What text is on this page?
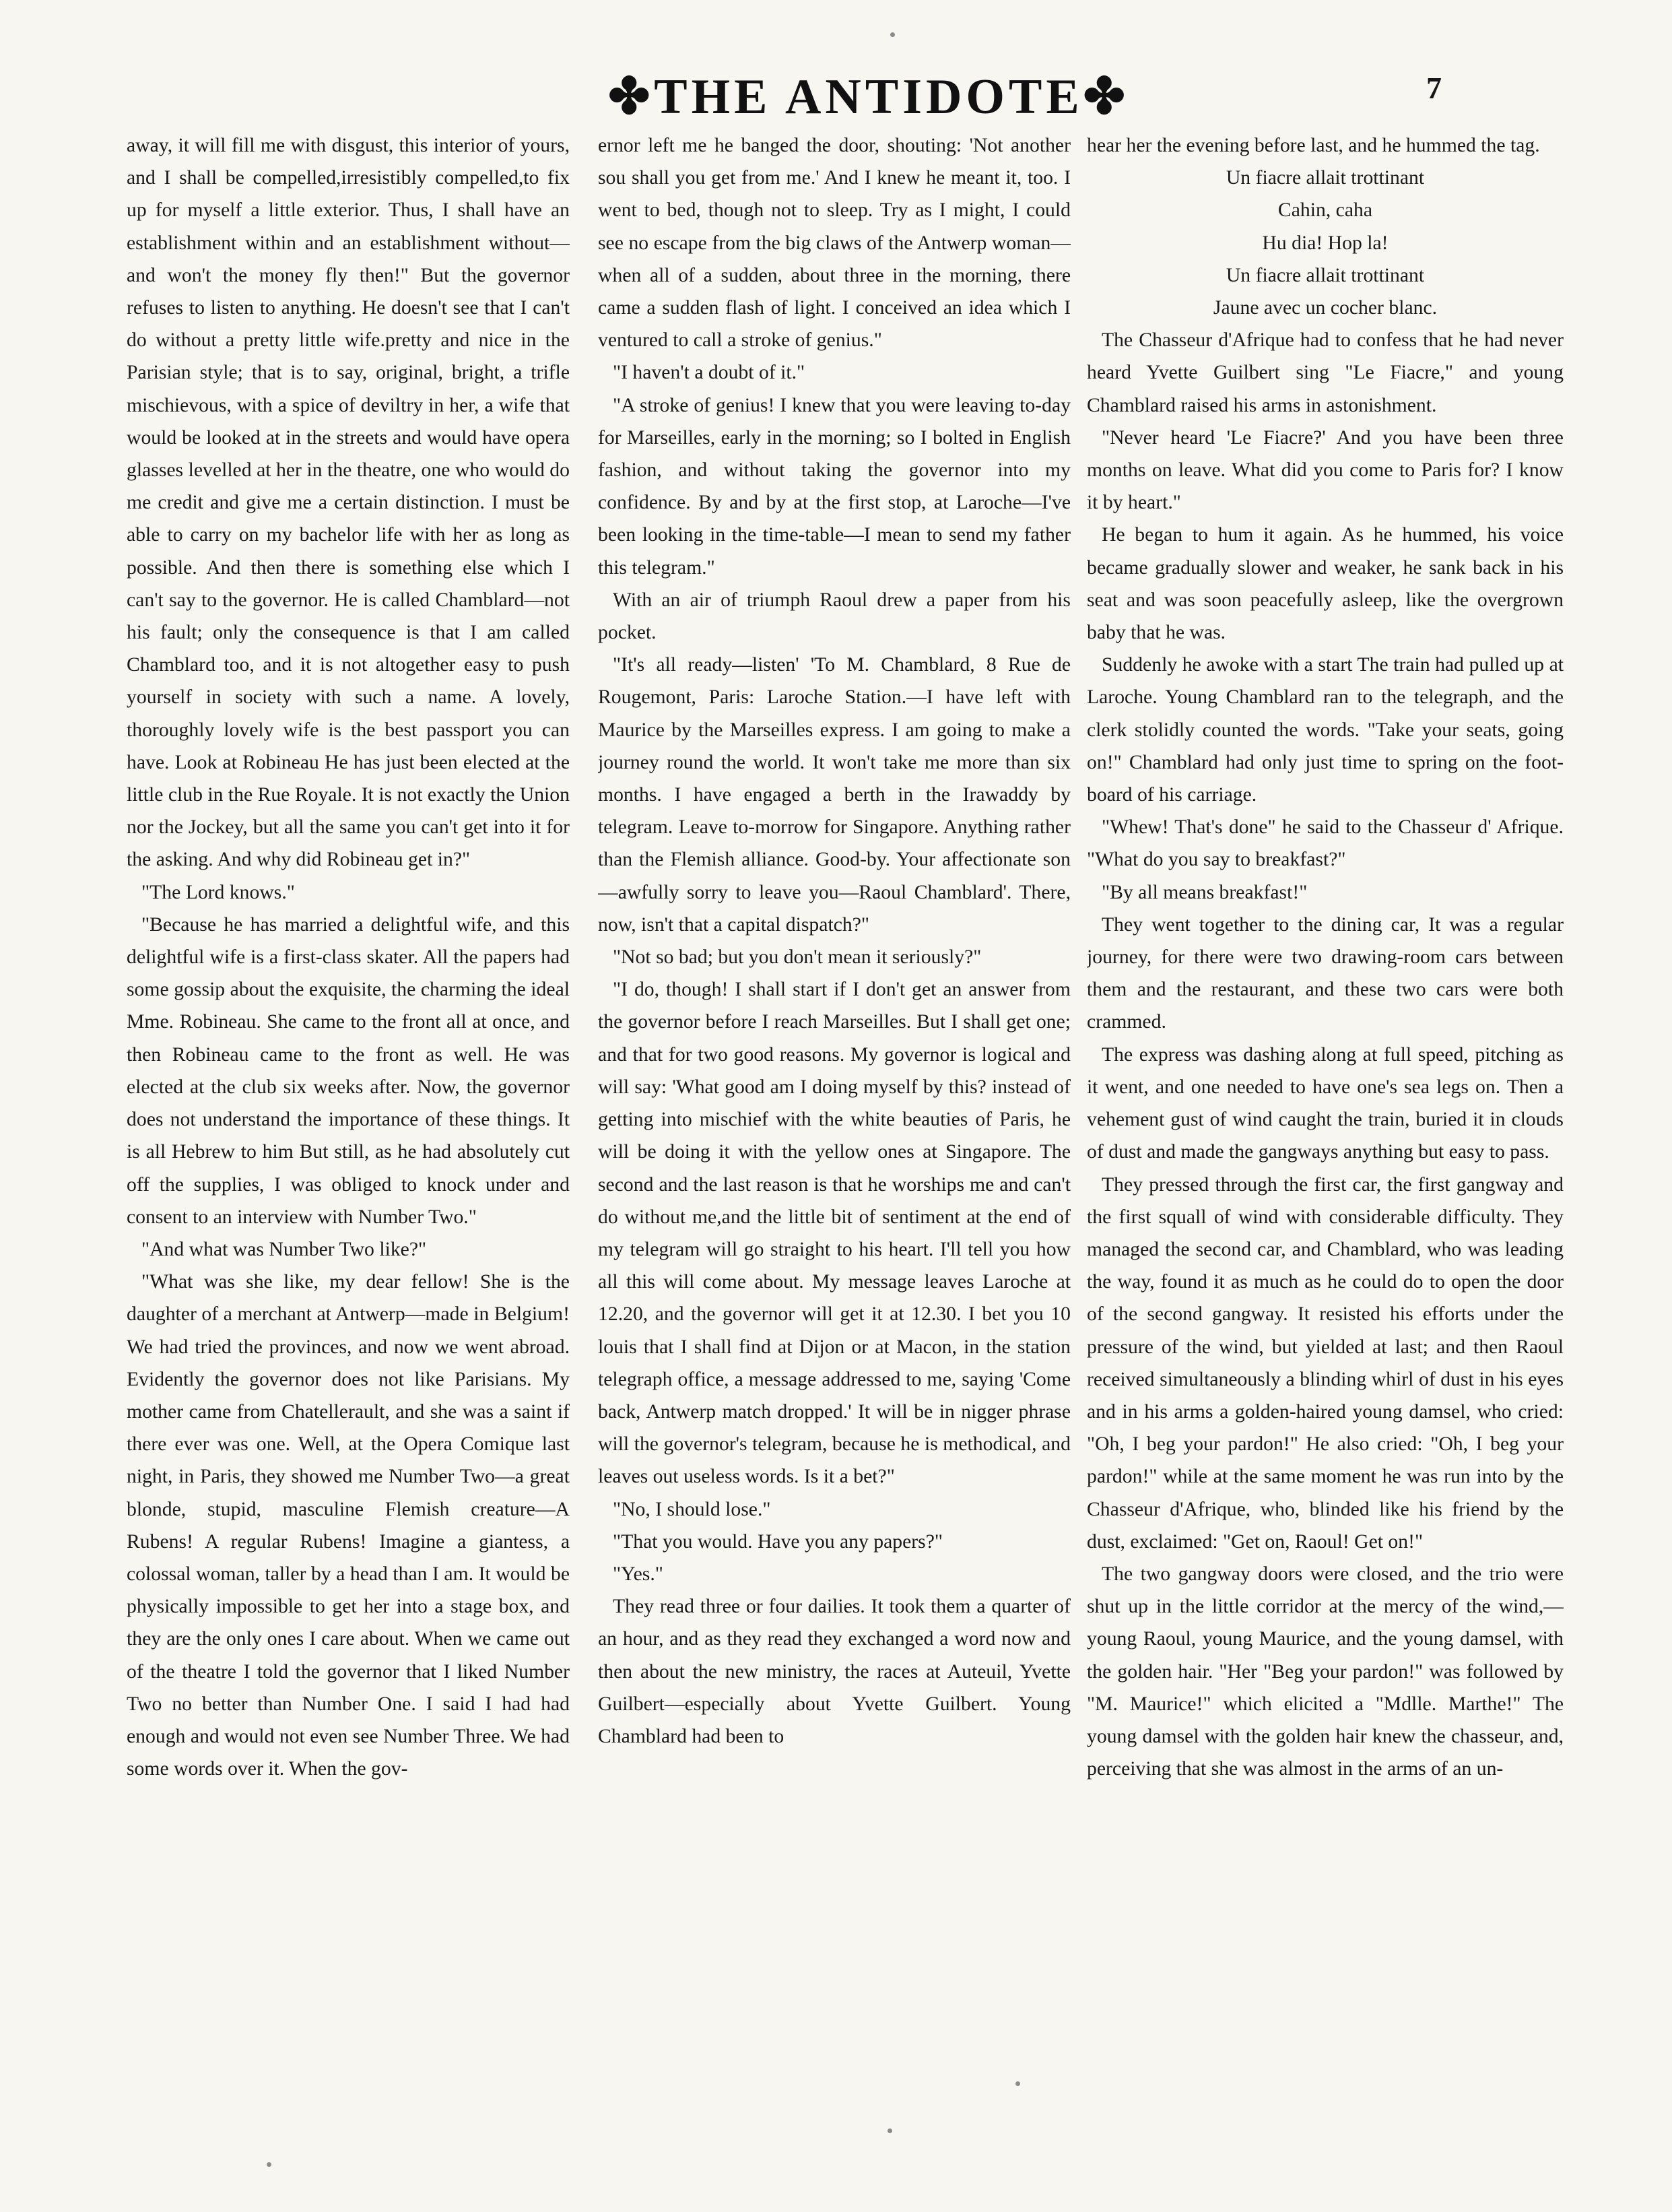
✤THE ANTIDOTE✤	7

away, it will fill me with disgust, this interior of yours, and I shall be compelled,irresistibly compelled,to fix up for myself a little exterior. Thus, I shall have an establishment within and an establishment without—and won't the money fly then!" But the governor refuses to listen to anything. He doesn't see that I can't do without a pretty little wife.pretty and nice in the Parisian style; that is to say, original, bright, a trifle mischievous, with a spice of deviltry in her, a wife that would be looked at in the streets and would have opera glasses levelled at her in the theatre, one who would do me credit and give me a certain distinction. I must be able to carry on my bachelor life with her as long as possible. And then there is something else which I can't say to the governor. He is called Chamblard—not his fault; only the consequence is that I am called Chamblard too, and it is not altogether easy to push yourself in society with such a name. A lovely, thoroughly lovely wife is the best passport you can have. Look at Robineau He has just been elected at the little club in the Rue Royale. It is not exactly the Union nor the Jockey, but all the same you can't get into it for the asking. And why did Robineau get in?"

"The Lord knows."

"Because he has married a delightful wife, and this delightful wife is a first-class skater. All the papers had some gossip about the exquisite, the charming the ideal Mme. Robineau. She came to the front all at once, and then Robineau came to the front as well. He was elected at the club six weeks after. Now, the governor does not understand the importance of these things. It is all Hebrew to him But still, as he had absolutely cut off the supplies, I was obliged to knock under and consent to an interview with Number Two."

"And what was Number Two like?"

"What was she like, my dear fellow! She is the daughter of a merchant at Antwerp—made in Belgium! We had tried the provinces, and now we went abroad. Evidently the governor does not like Parisians. My mother came from Chatellerault, and she was a saint if there ever was one. Well, at the Opera Comique last night, in Paris, they showed me Number Two—a great blonde, stupid, masculine Flemish creature—A Rubens! A regular Rubens! Imagine a giantess, a colossal woman, taller by a head than I am. It would be physically impossible to get her into a stage box, and they are the only ones I care about. When we came out of the theatre I told the governor that I liked Number Two no better than Number One. I said I had had enough and would not even see Number Three. We had some words over it. When the gov-

ernor left me he banged the door, shouting: 'Not another sou shall you get from me.' And I knew he meant it, too. I went to bed, though not to sleep. Try as I might, I could see no escape from the big claws of the Antwerp woman—when all of a sudden, about three in the morning, there came a sudden flash of light. I conceived an idea which I ventured to call a stroke of genius."

"I haven't a doubt of it."

"A stroke of genius! I knew that you were leaving to-day for Marseilles, early in the morning; so I bolted in English fashion, and without taking the governor into my confidence. By and by at the first stop, at Laroche—I've been looking in the time-table—I mean to send my father this telegram."

With an air of triumph Raoul drew a paper from his pocket.

"It's all ready—listen' 'To M. Chamblard, 8 Rue de Rougemont, Paris: Laroche Station.—I have left with Maurice by the Marseilles express. I am going to make a journey round the world. It won't take me more than six months. I have engaged a berth in the Irawaddy by telegram. Leave to-morrow for Singapore. Anything rather than the Flemish alliance. Good-by. Your affectionate son—awfully sorry to leave you—Raoul Chamblard'. There, now, isn't that a capital dispatch?"

"Not so bad; but you don't mean it seriously?"

"I do, though! I shall start if I don't get an answer from the governor before I reach Marseilles. But I shall get one; and that for two good reasons. My governor is logical and will say: 'What good am I doing myself by this? instead of getting into mischief with the white beauties of Paris, he will be doing it with the yellow ones at Singapore. The second and the last reason is that he worships me and can't do without me,and the little bit of sentiment at the end of my telegram will go straight to his heart. I'll tell you how all this will come about. My message leaves Laroche at 12.20, and the governor will get it at 12.30. I bet you 10 louis that I shall find at Dijon or at Macon, in the station telegraph office, a message addressed to me, saying 'Come back, Antwerp match dropped.' It will be in nigger phrase will the governor's telegram, because he is methodical, and leaves out useless words. Is it a bet?"

"No, I should lose."

"That you would. Have you any papers?"

"Yes."

They read three or four dailies. It took them a quarter of an hour, and as they read they exchanged a word now and then about the new ministry, the races at Auteuil, Yvette Guilbert—especially about Yvette Guilbert. Young Chamblard had been to

hear her the evening before last, and he hummed the tag.

Un fiacre allait trottinant
Cahin, caha
Hu dia! Hop la!
Un fiacre allait trottinant
Jaune avec un cocher blanc.

The Chasseur d'Afrique had to confess that he had never heard Yvette Guilbert sing "Le Fiacre," and young Chamblard raised his arms in astonishment.

"Never heard 'Le Fiacre?' And you have been three months on leave. What did you come to Paris for? I know it by heart."

He began to hum it again. As he hummed, his voice became gradually slower and weaker, he sank back in his seat and was soon peacefully asleep, like the overgrown baby that he was.

Suddenly he awoke with a start The train had pulled up at Laroche. Young Chamblard ran to the telegraph, and the clerk stolidly counted the words. "Take your seats, going on!" Chamblard had only just time to spring on the foot-board of his carriage.

"Whew! That's done" he said to the Chasseur d' Afrique. "What do you say to breakfast?"

"By all means breakfast!"

They went together to the dining car, It was a regular journey, for there were two drawing-room cars between them and the restaurant, and these two cars were both crammed.

The express was dashing along at full speed, pitching as it went, and one needed to have one's sea legs on. Then a vehement gust of wind caught the train, buried it in clouds of dust and made the gangways anything but easy to pass.

They pressed through the first car, the first gangway and the first squall of wind with considerable difficulty. They managed the second car, and Chamblard, who was leading the way, found it as much as he could do to open the door of the second gangway. It resisted his efforts under the pressure of the wind, but yielded at last; and then Raoul received simultaneously a blinding whirl of dust in his eyes and in his arms a golden-haired young damsel, who cried: "Oh, I beg your pardon!" He also cried: "Oh, I beg your pardon!" while at the same moment he was run into by the Chasseur d'Afrique, who, blinded like his friend by the dust, exclaimed: "Get on, Raoul! Get on!"

The two gangway doors were closed, and the trio were shut up in the little corridor at the mercy of the wind,—young Raoul, young Maurice, and the young damsel, with the golden hair. "Her "Beg your pardon!" was followed by "M. Maurice!" which elicited a "Mdlle. Marthe!" The young damsel with the golden hair knew the chasseur, and, perceiving that she was almost in the arms of an un-
